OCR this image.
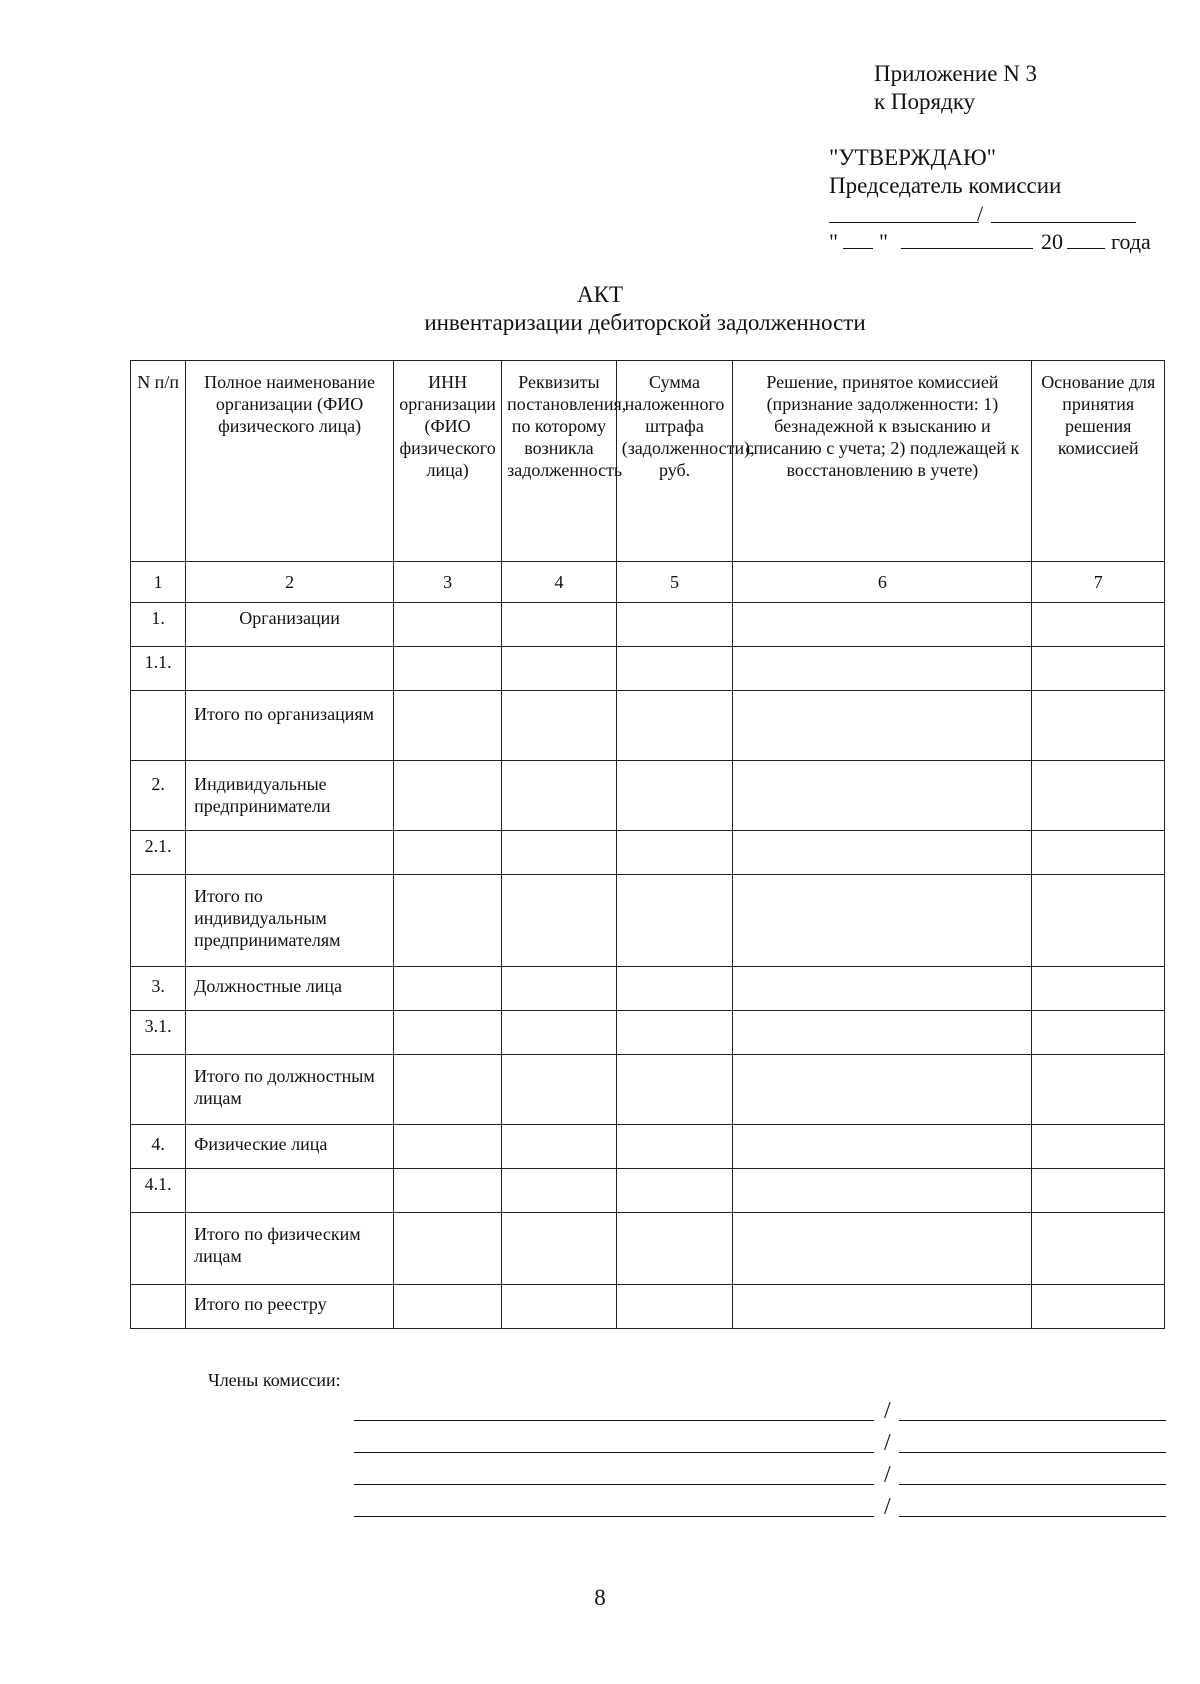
Приложение N 3
к Порядку
"УТВЕРЖДАЮ"
Председатель комиссии
/
" "	20 года
АКТ
инвентаризации дебиторской задолженности
N п/п	Полное наименование организации (ФИО физического лица)	ИНН организации (ФИО физического лица)	Реквизиты постановления, по которому возникла задолженность	Сумма наложенного штрафа (задолженности), руб.	Решение, принятое комиссией (признание задолженности: 1) безнадежной к взысканию и списанию с учета; 2) подлежащей к восстановлению в учете)	Основание для принятия решения комиссией
1	2	3	4	5	6	7
1.	Организации					
1.1.						
	Итого по организациям					
2.	Индивидуальные предприниматели					
2.1.						
	Итого по индивидуальным предпринимателям					
3.	Должностные лица					
3.1.						
	Итого по должностным лицам					
4.	Физические лица					
4.1.						
	Итого по физическим лицам					
	Итого по реестру					
Члены комиссии:
/
/
/
/
8
